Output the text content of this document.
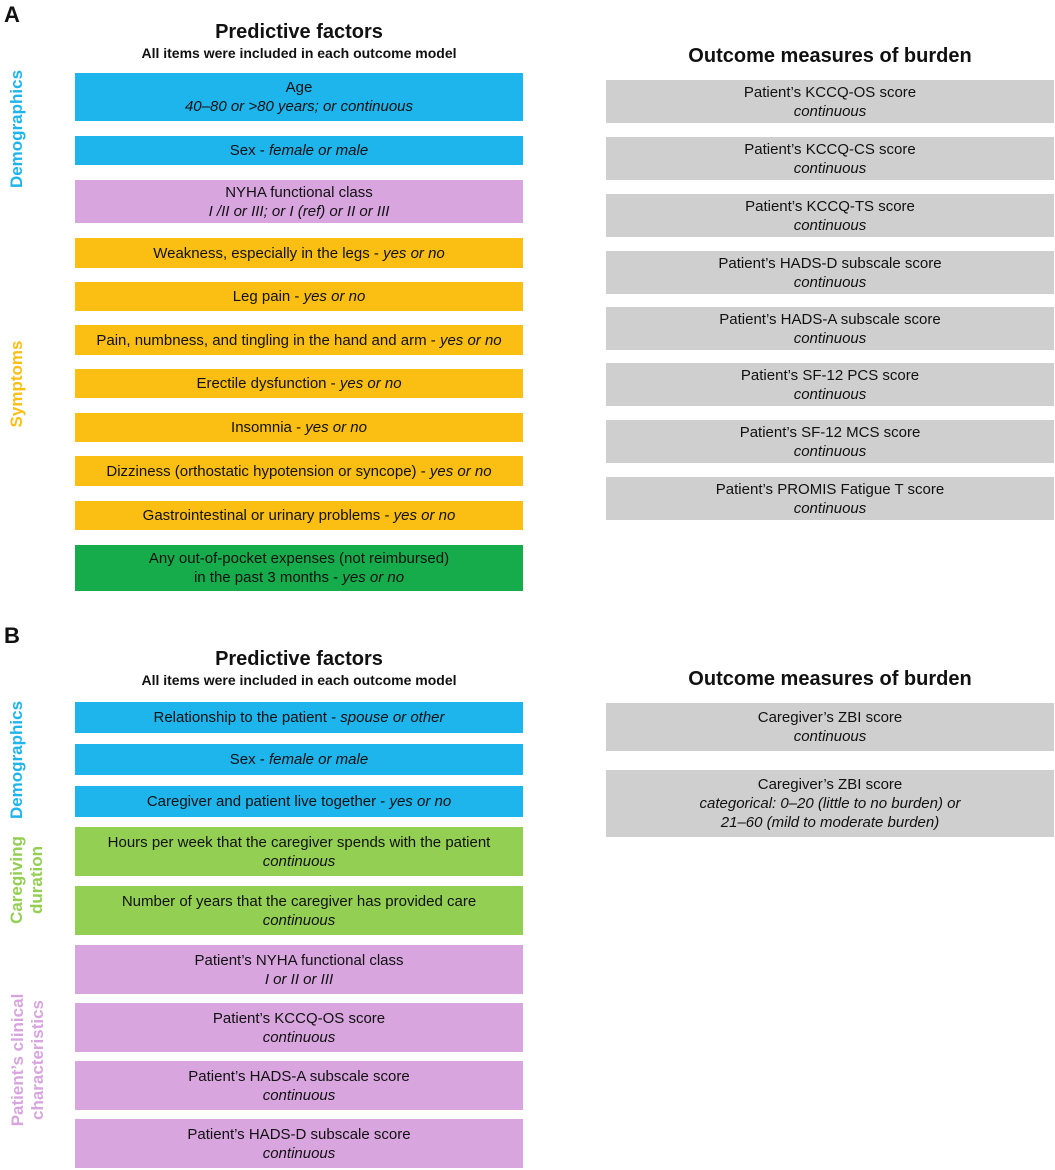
A
Predictive factors
All items were included in each outcome model	Outcome measures of burden
Demographics
Symptoms
Age
40–80 or >80 years; or continuous
Sex - female or male
NYHA functional class
I /II or III; or I (ref) or II or III
Weakness, especially in the legs - yes or no
Leg pain - yes or no
Pain, numbness, and tingling in the hand and arm - yes or no
Erectile dysfunction - yes or no
Insomnia - yes or no
Dizziness (orthostatic hypotension or syncope) - yes or no
Gastrointestinal or urinary problems - yes or no
Any out-of-pocket expenses (not reimbursed)
in the past 3 months - yes or no
Patient’s KCCQ-OS score
continuous
Patient’s KCCQ-CS score
continuous
Patient’s KCCQ-TS score
continuous
Patient’s HADS-D subscale score
continuous
Patient’s HADS-A subscale score
continuous
Patient’s SF-12 PCS score
continuous
Patient’s SF-12 MCS score
continuous
Patient’s PROMIS Fatigue T score
continuous
B
Predictive factors
All items were included in each outcome model	Outcome measures of burden
Demographics
Caregiving duration
Patient’s clinical characteristics
Relationship to the patient - spouse or other
Sex - female or male
Caregiver and patient live together - yes or no
Hours per week that the caregiver spends with the patient
continuous
Number of years that the caregiver has provided care
continuous
Patient’s NYHA functional class
I or II or III
Patient’s KCCQ-OS score
continuous
Patient’s HADS-A subscale score
continuous
Patient’s HADS-D subscale score
continuous
Caregiver’s ZBI score
continuous
Caregiver’s ZBI score
categorical: 0–20 (little to no burden) or
21–60 (mild to moderate burden)
